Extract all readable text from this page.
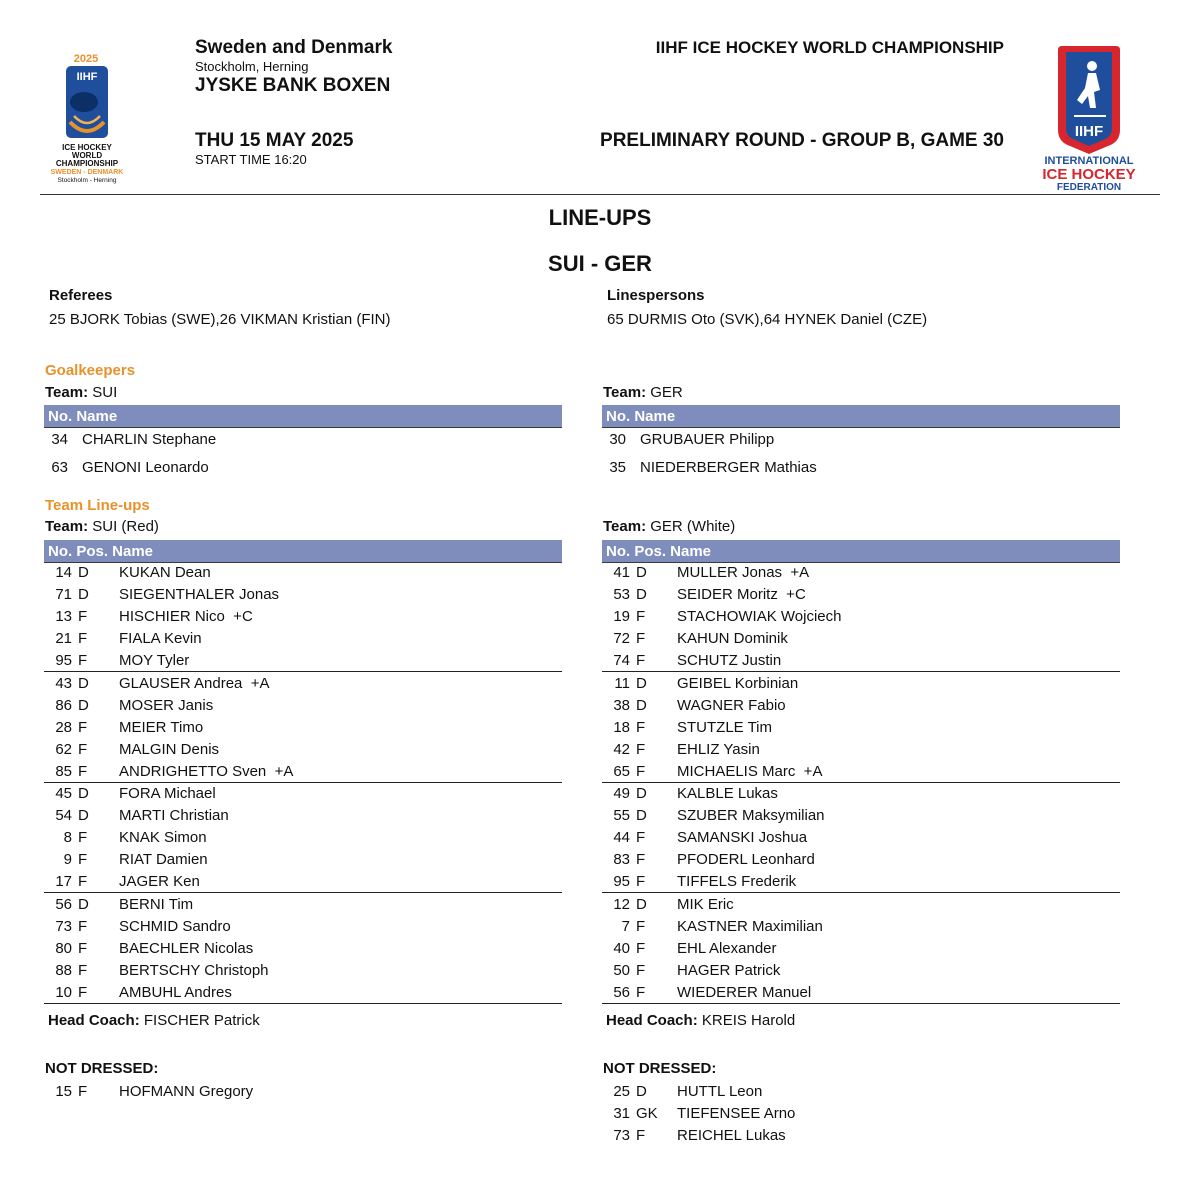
2025
IIHF
ICE HOCKEY
WORLD
CHAMPIONSHIP
SWEDEN - DENMARK
Stockholm - Herning
Sweden and Denmark
Stockholm, Herning
JYSKE BANK BOXEN
THU 15 MAY 2025
START TIME 16:20
IIHF ICE HOCKEY WORLD CHAMPIONSHIP
PRELIMINARY ROUND - GROUP B, GAME 30	IIHF
INTERNATIONAL
ICE HOCKEY
FEDERATION
LINE-UPS
SUI - GER
Referees
25 BJORK Tobias (SWE),26 VIKMAN Kristian (FIN)
Linespersons
65 DURMIS Oto (SVK),64 HYNEK Daniel (CZE)
Goalkeepers
Team: SUI	Team: GER
No. Name
34 CHARLIN Stephane
63 GENONI Leonardo
No. Name
30 GRUBAUER Philipp
35 NIEDERBERGER Mathias
Team Line-ups
Team: SUI (Red)	Team: GER (White)
No. Pos. Name
14 D KUKAN Dean
71 D SIEGENTHALER Jonas
13 F HISCHIER Nico  +C
21 F FIALA Kevin
95 F MOY Tyler
43 D GLAUSER Andrea  +A
86 D MOSER Janis
28 F MEIER Timo
62 F MALGIN Denis
85 F ANDRIGHETTO Sven  +A
45 D FORA Michael
54 D MARTI Christian
8 F KNAK Simon
9 F RIAT Damien
17 F JAGER Ken
56 D BERNI Tim
73 F SCHMID Sandro
80 F BAECHLER Nicolas
88 F BERTSCHY Christoph
10 F AMBUHL Andres
No. Pos. Name
41 D MULLER Jonas  +A
53 D SEIDER Moritz  +C
19 F STACHOWIAK Wojciech
72 F KAHUN Dominik
74 F SCHUTZ Justin
11 D GEIBEL Korbinian
38 D WAGNER Fabio
18 F STUTZLE Tim
42 F EHLIZ Yasin
65 F MICHAELIS Marc  +A
49 D KALBLE Lukas
55 D SZUBER Maksymilian
44 F SAMANSKI Joshua
83 F PFODERL Leonhard
95 F TIFFELS Frederik
12 D MIK Eric
7 F KASTNER Maximilian
40 F EHL Alexander
50 F HAGER Patrick
56 F WIEDERER Manuel
Head Coach: FISCHER Patrick	Head Coach: KREIS Harold
NOT DRESSED:	NOT DRESSED:
15 F HOFMANN Gregory	25 D HUTTL Leon
31 GK TIEFENSEE Arno
73 F REICHEL Lukas
